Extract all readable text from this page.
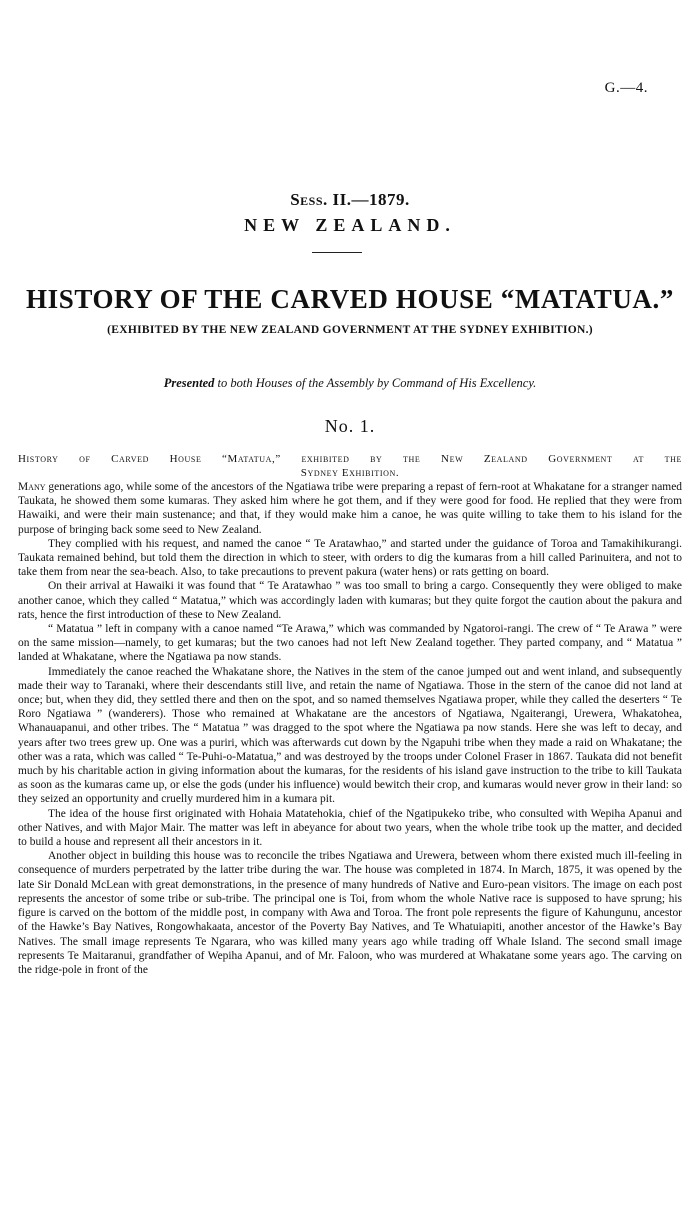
G.—4.
Sess. II.—1879.
NEW ZEALAND.
HISTORY OF THE CARVED HOUSE “MATATUA.”
(EXHIBITED BY THE NEW ZEALAND GOVERNMENT AT THE SYDNEY EXHIBITION.)
Presented to both Houses of the Assembly by Command of His Excellency.
No. 1.
History of Carved House “Matatua,” exhibited by the New Zealand Government at the
Sydney Exhibition.

Many generations ago, while some of the ancestors of the Ngatiawa tribe were preparing a repast of fern-root at Whakatane for a stranger named Taukata, he showed them some kumaras. They asked him where he got them, and if they were good for food. He replied that they were from Hawaiki, and were their main sustenance; and that, if they would make him a canoe, he was quite willing to take them to his island for the purpose of bringing back some seed to New Zealand.

They complied with his request, and named the canoe “ Te Aratawhao,” and started under the guidance of Toroa and Tamakihikurangi. Taukata remained behind, but told them the direction in which to steer, with orders to dig the kumaras from a hill called Parinuitera, and not to take them from near the sea-beach. Also, to take precautions to prevent pakura (water hens) or rats getting on board.

On their arrival at Hawaiki it was found that “ Te Aratawhao ” was too small to bring a cargo. Consequently they were obliged to make another canoe, which they called “ Matatua,” which was accordingly laden with kumaras; but they quite forgot the caution about the pakura and rats, hence the first introduction of these to New Zealand.

“ Matatua ” left in company with a canoe named “Te Arawa,” which was commanded by Ngatoroi-rangi. The crew of “ Te Arawa ” were on the same mission—namely, to get kumaras; but the two canoes had not left New Zealand together. They parted company, and “ Matatua ” landed at Whakatane, where the Ngatiawa pa now stands.

Immediately the canoe reached the Whakatane shore, the Natives in the stem of the canoe jumped out and went inland, and subsequently made their way to Taranaki, where their descendants still live, and retain the name of Ngatiawa. Those in the stern of the canoe did not land at once; but, when they did, they settled there and then on the spot, and so named themselves Ngatiawa proper, while they called the deserters “ Te Roro Ngatiawa ” (wanderers). Those who remained at Whakatane are the ancestors of Ngatiawa, Ngaiterangi, Urewera, Whakatohea, Whanauapanui, and other tribes. The “ Matatua ” was dragged to the spot where the Ngatiawa pa now stands. Here she was left to decay, and years after two trees grew up. One was a puriri, which was afterwards cut down by the Ngapuhi tribe when they made a raid on Whakatane; the other was a rata, which was called “ Te-Puhi-o-Matatua,” and was destroyed by the troops under Colonel Fraser in 1867. Taukata did not benefit much by his charitable action in giving information about the kumaras, for the residents of his island gave instruction to the tribe to kill Taukata as soon as the kumaras came up, or else the gods (under his influence) would bewitch their crop, and kumaras would never grow in their land: so they seized an opportunity and cruelly murdered him in a kumara pit.

The idea of the house first originated with Hohaia Matatehokia, chief of the Ngatipukeko tribe, who consulted with Wepiha Apanui and other Natives, and with Major Mair. The matter was left in abeyance for about two years, when the whole tribe took up the matter, and decided to build a house and represent all their ancestors in it.

Another object in building this house was to reconcile the tribes Ngatiawa and Urewera, between whom there existed much ill-feeling in consequence of murders perpetrated by the latter tribe during the war. The house was completed in 1874. In March, 1875, it was opened by the late Sir Donald McLean with great demonstrations, in the presence of many hundreds of Native and Euro-pean visitors. The image on each post represents the ancestor of some tribe or sub-tribe. The principal one is Toi, from whom the whole Native race is supposed to have sprung; his figure is carved on the bottom of the middle post, in company with Awa and Toroa. The front pole represents the figure of Kahungunu, ancestor of the Hawke’s Bay Natives, Rongowhakaata, ancestor of the Poverty Bay Natives, and Te Whatuiapiti, another ancestor of the Hawke’s Bay Natives. The small image represents Te Ngarara, who was killed many years ago while trading off Whale Island. The second small image represents Te Maitaranui, grandfather of Wepiha Apanui, and of Mr. Faloon, who was murdered at Whakatane some years ago. The carving on the ridge-pole in front of the
